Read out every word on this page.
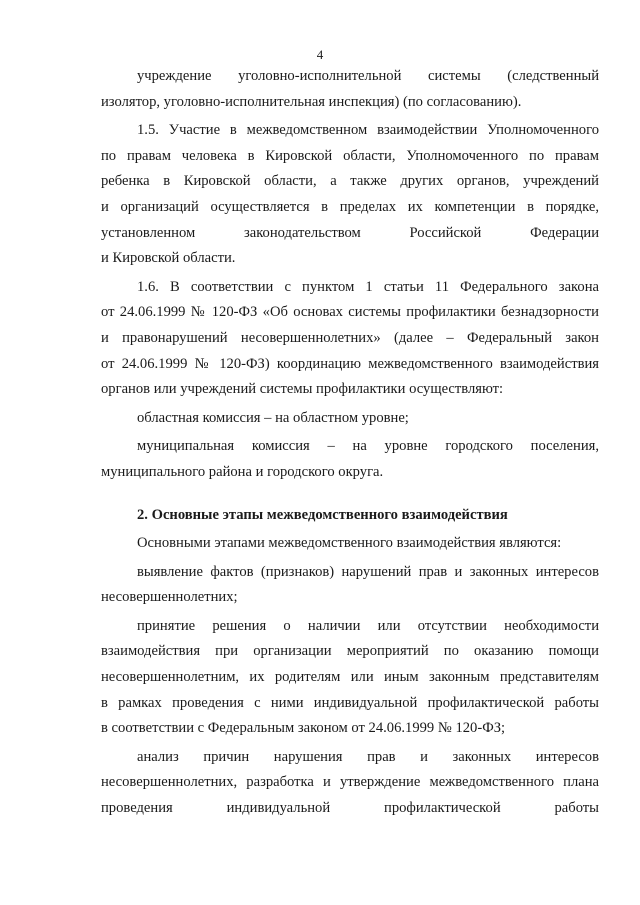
4
учреждение уголовно-исполнительной системы (следственный
изолятор, уголовно-исполнительная инспекция) (по согласованию).
1.5. Участие в межведомственном взаимодействии Уполномоченного
по правам человека в Кировской области, Уполномоченного по правам
ребенка в Кировской области, а также других органов, учреждений
и организаций осуществляется в пределах их компетенции в порядке,
установленном законодательством Российской Федерации
и Кировской области.
1.6. В соответствии с пунктом 1 статьи 11 Федерального закона
от 24.06.1999 № 120-ФЗ «Об основах системы профилактики безнадзорности
и правонарушений несовершеннолетних» (далее – Федеральный закон
от 24.06.1999 № 120-ФЗ) координацию межведомственного взаимодействия
органов или учреждений системы профилактики осуществляют:
областная комиссия – на областном уровне;
муниципальная комиссия – на уровне городского поселения,
муниципального района и городского округа.
2. Основные этапы межведомственного взаимодействия
Основными этапами межведомственного взаимодействия являются:
выявление фактов (признаков) нарушений прав и законных интересов
несовершеннолетних;
принятие решения о наличии или отсутствии необходимости
взаимодействия при организации мероприятий по оказанию помощи
несовершеннолетним, их родителям или иным законным представителям
в рамках проведения с ними индивидуальной профилактической работы
в соответствии с Федеральным законом от 24.06.1999 № 120-ФЗ;
анализ причин нарушения прав и законных интересов
несовершеннолетних, разработка и утверждение межведомственного плана
проведения индивидуальной профилактической работы
